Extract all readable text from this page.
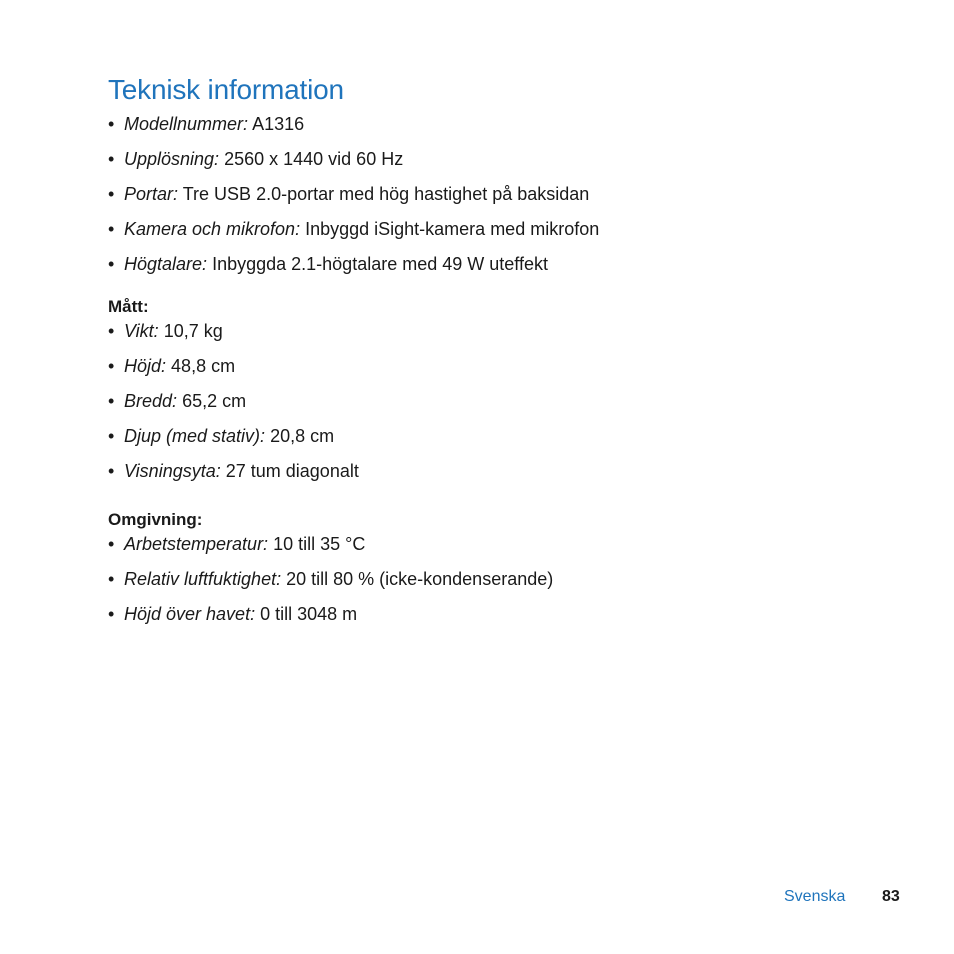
Teknisk information
• Modellnummer: A1316
• Upplösning: 2560 x 1440 vid 60 Hz
• Portar: Tre USB 2.0-portar med hög hastighet på baksidan
• Kamera och mikrofon: Inbyggd iSight-kamera med mikrofon
• Högtalare: Inbyggda 2.1-högtalare med 49 W uteffekt
Mått:
• Vikt: 10,7 kg
• Höjd: 48,8 cm
• Bredd: 65,2 cm
• Djup (med stativ): 20,8 cm
• Visningsyta: 27 tum diagonalt
Omgivning:
• Arbetstemperatur: 10 till 35 °C
• Relativ luftfuktighet: 20 till 80 % (icke-kondenserande)
• Höjd över havet: 0 till 3048 m
Svenska 83
